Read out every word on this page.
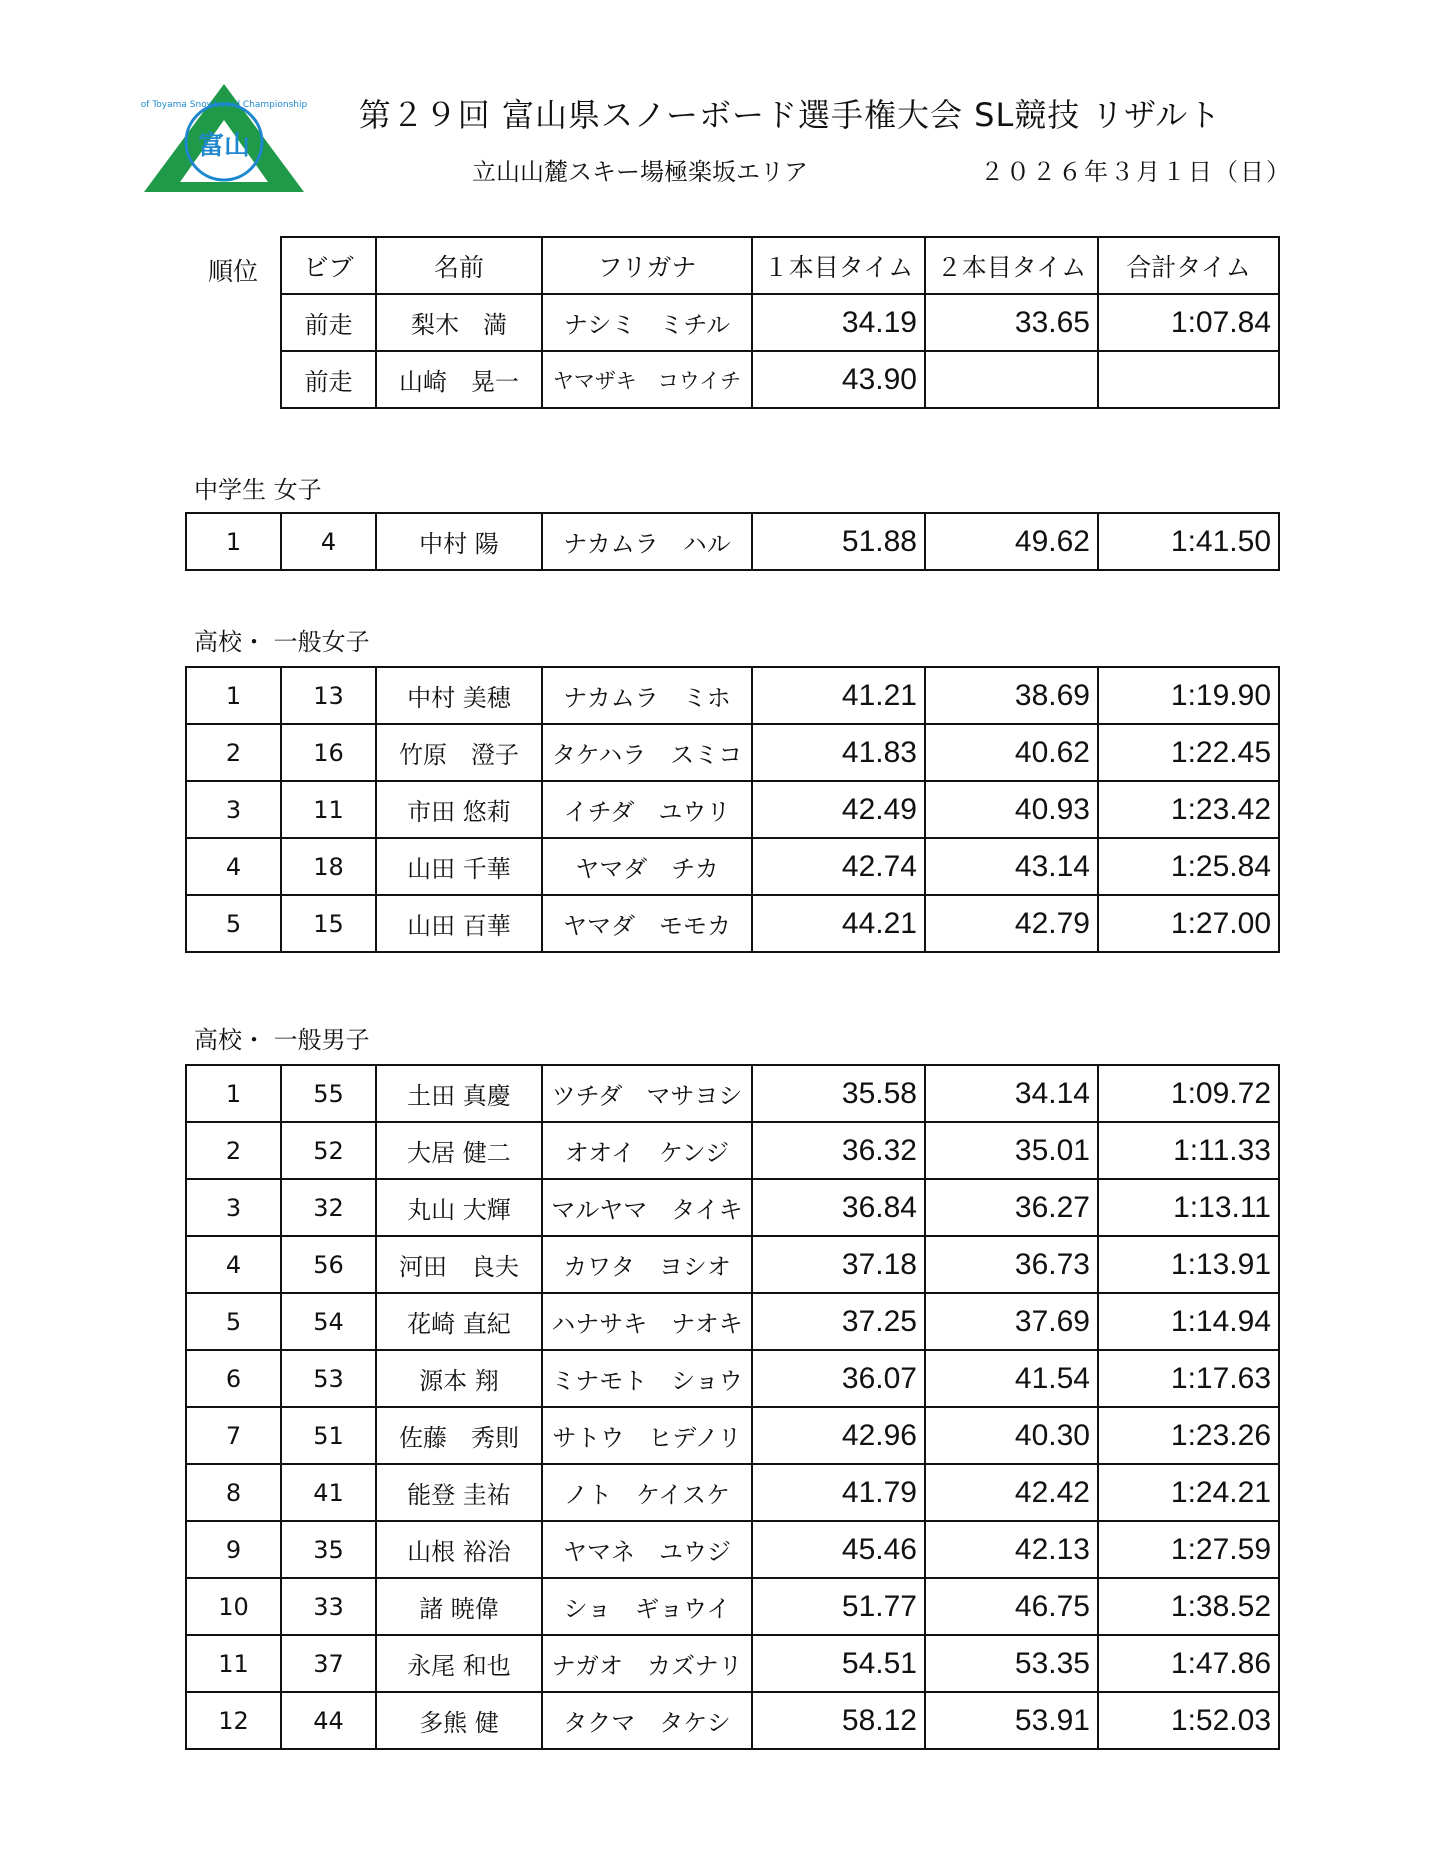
of Toyama Snowboard Championship
富山
第２９回 富山県スノーボード選手権大会 SL競技 リザルト
立山山麓スキー場極楽坂エリア	２０２６年３月１日（日）
順位 ビブ	名前	フリガナ	１本目タイム	２本目タイム	合計タイム
前走	梨木　満	ナシミ　ミチル	34.19	33.65	1:07.84
前走	山崎　晃一	ヤマザキ　コウイチ	43.90		
中学生 女子
1	4	中村 陽	ナカムラ　ハル	51.88	49.62	1:41.50
高校・ 一般女子
1	13	中村 美穂	ナカムラ　ミホ	41.21	38.69	1:19.90
2	16	竹原　澄子	タケハラ　スミコ	41.83	40.62	1:22.45
3	11	市田 悠莉	イチダ　ユウリ	42.49	40.93	1:23.42
4	18	山田 千華	ヤマダ　チカ	42.74	43.14	1:25.84
5	15	山田 百華	ヤマダ　モモカ	44.21	42.79	1:27.00
高校・ 一般男子
1	55	土田 真慶	ツチダ　マサヨシ	35.58	34.14	1:09.72
2	52	大居 健二	オオイ　ケンジ	36.32	35.01	1:11.33
3	32	丸山 大輝	マルヤマ　タイキ	36.84	36.27	1:13.11
4	56	河田　良夫	カワタ　ヨシオ	37.18	36.73	1:13.91
5	54	花崎 直紀	ハナサキ　ナオキ	37.25	37.69	1:14.94
6	53	源本 翔	ミナモト　ショウ	36.07	41.54	1:17.63
7	51	佐藤　秀則	サトウ　ヒデノリ	42.96	40.30	1:23.26
8	41	能登 圭祐	ノト　ケイスケ	41.79	42.42	1:24.21
9	35	山根 裕治	ヤマネ　ユウジ	45.46	42.13	1:27.59
10	33	諸 暁偉	ショ　ギョウイ	51.77	46.75	1:38.52
11	37	永尾 和也	ナガオ　カズナリ	54.51	53.35	1:47.86
12	44	多熊 健	タクマ　タケシ	58.12	53.91	1:52.03
